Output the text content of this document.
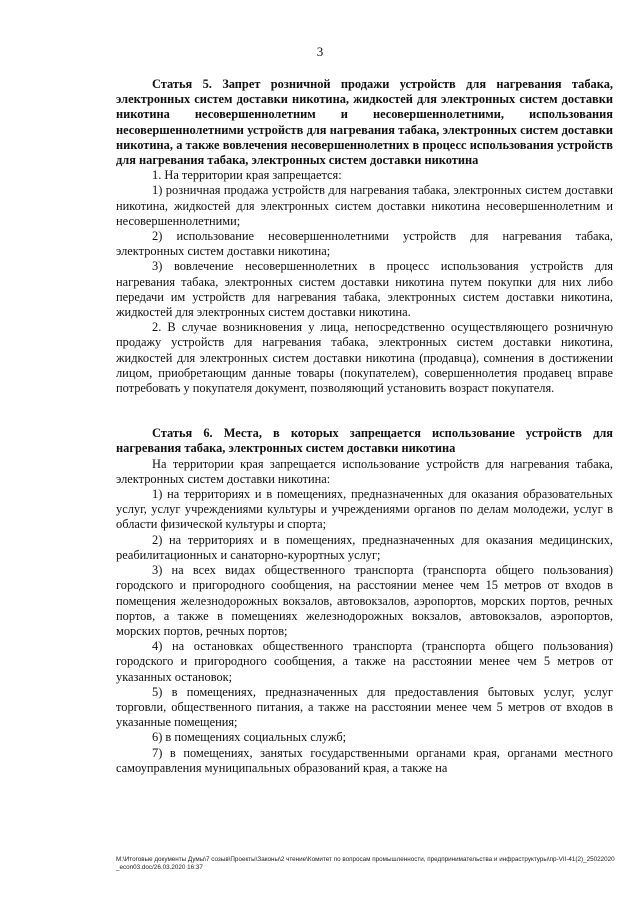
3

Статья 5. Запрет розничной продажи устройств для нагревания табака, электронных систем доставки никотина, жидкостей для электронных систем доставки никотина несовершеннолетним и несовершеннолетними, использования несовершеннолетними устройств для нагревания табака, электронных систем доставки никотина, а также вовлечения несовершеннолетних в процесс использования устройств для нагревания табака, электронных систем доставки никотина

1. На территории края запрещается:

1) розничная продажа устройств для нагревания табака, электронных систем доставки никотина, жидкостей для электронных систем доставки никотина несовершеннолетним и несовершеннолетними;

2) использование несовершеннолетними устройств для нагревания табака, электронных систем доставки никотина;

3) вовлечение несовершеннолетних в процесс использования устройств для нагревания табака, электронных систем доставки никотина путем покупки для них либо передачи им устройств для нагревания табака, электронных систем доставки никотина, жидкостей для электронных систем доставки никотина.

2. В случае возникновения у лица, непосредственно осуществляющего розничную продажу устройств для нагревания табака, электронных систем доставки никотина, жидкостей для электронных систем доставки никотина (продавца), сомнения в достижении лицом, приобретающим данные товары (покупателем), совершеннолетия продавец вправе потребовать у покупателя документ, позволяющий установить возраст покупателя.

Статья 6. Места, в которых запрещается использование устройств для нагревания табака, электронных систем доставки никотина

На территории края запрещается использование устройств для нагревания табака, электронных систем доставки никотина:

1) на территориях и в помещениях, предназначенных для оказания образовательных услуг, услуг учреждениями культуры и учреждениями органов по делам молодежи, услуг в области физической культуры и спорта;

2) на территориях и в помещениях, предназначенных для оказания медицинских, реабилитационных и санаторно-курортных услуг;

3) на всех видах общественного транспорта (транспорта общего пользования) городского и пригородного сообщения, на расстоянии менее чем 15 метров от входов в помещения железнодорожных вокзалов, автовокзалов, аэропортов, морских портов, речных портов, а также в помещениях железнодорожных вокзалов, автовокзалов, аэропортов, морских портов, речных портов;

4) на остановках общественного транспорта (транспорта общего пользования) городского и пригородного сообщения, а также на расстоянии менее чем 5 метров от указанных остановок;

5) в помещениях, предназначенных для предоставления бытовых услуг, услуг торговли, общественного питания, а также на расстоянии менее чем 5 метров от входов в указанные помещения;

6) в помещениях социальных служб;

7) в помещениях, занятых государственными органами края, органами местного самоуправления муниципальных образований края, а также на

М:\Итоговые документы Думы\7 созыв\Проекты\Законы\2 чтение\Комитет по вопросам промышленности, предпринимательства и инфраструктуры\пр-VII-41(2)_25022020_econ03.doc/26.03.2020 16:37
